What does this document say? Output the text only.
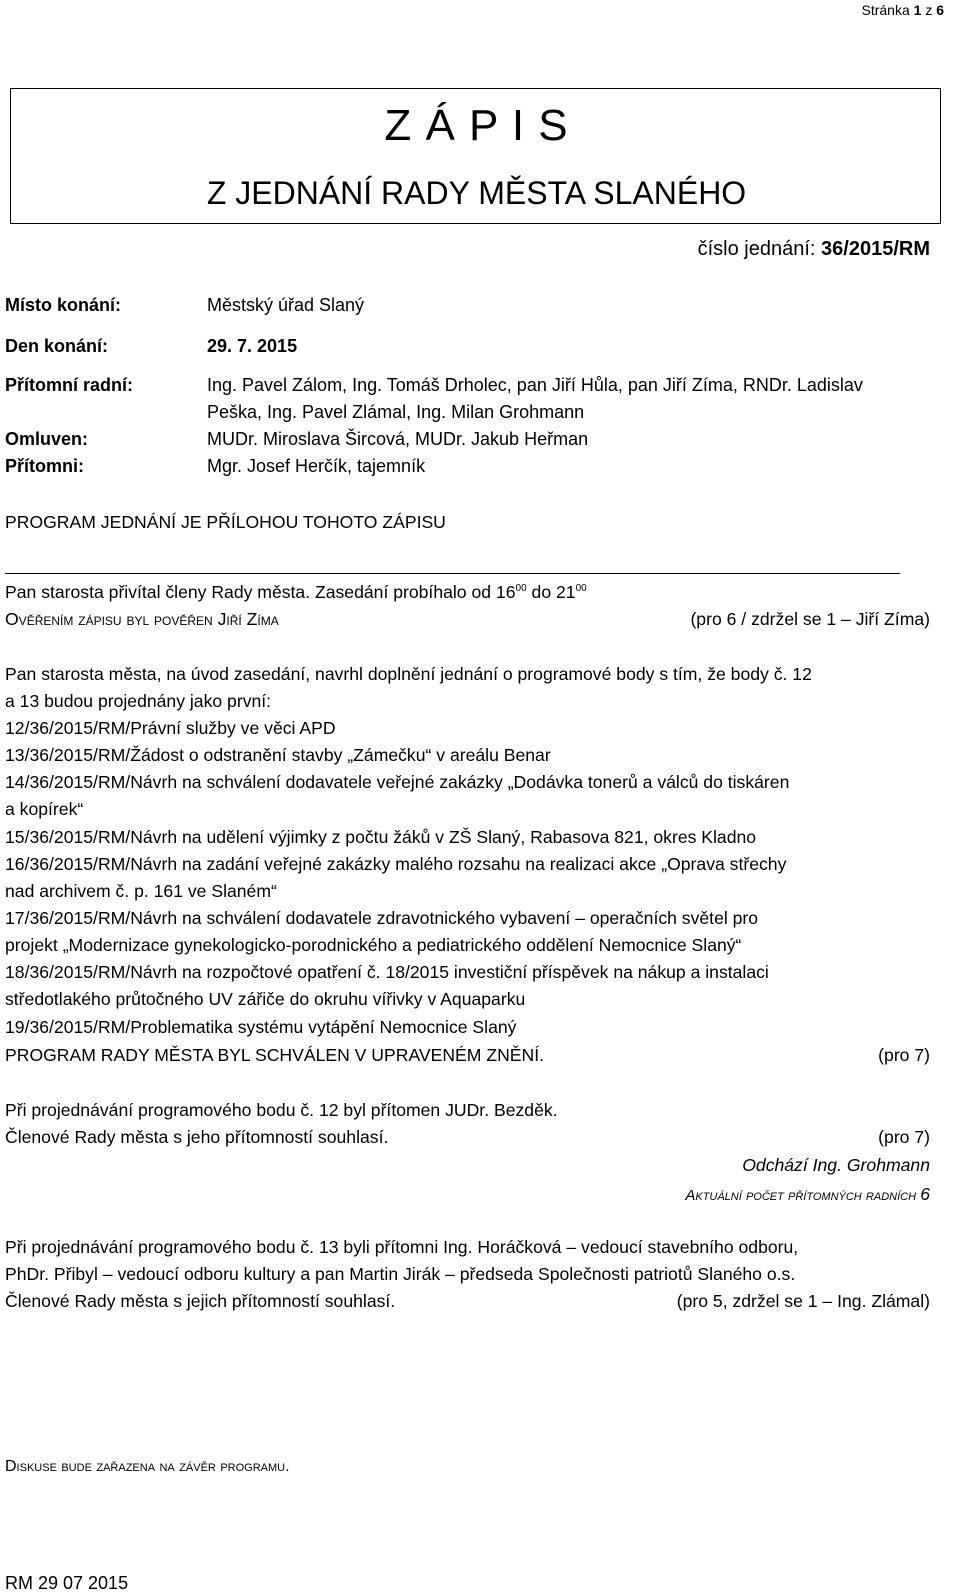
Stránka 1 z 6
Z Á P I S
Z JEDNÁNÍ RADY MĚSTA SLANÉHO
číslo jednání: 36/2015/RM
Místo konání:	Městský úřad Slaný
Den konání:	29. 7. 2015
Přítomní radní:	Ing. Pavel Zálom, Ing. Tomáš Drholec, pan Jiří Hůla, pan Jiří Zíma, RNDr. Ladislav
Peška, Ing. Pavel Zlámal, Ing. Milan Grohmann
Omluven:	MUDr. Miroslava Šircová, MUDr. Jakub Heřman
Přítomni:	Mgr. Josef Herčík, tajemník
PROGRAM JEDNÁNÍ JE PŘÍLOHOU TOHOTO ZÁPISU
Pan starosta přivítal členy Rady města. Zasedání probíhalo od $16^{00}$ do $21^{00}$
Ověřením zápisu byl pověřen Jiří Zíma	(pro 6 / zdržel se 1 – Jiří Zíma)
Pan starosta města, na úvod zasedání, navrhl doplnění jednání o programové body s tím, že body č. 12
a 13 budou projednány jako první:
12/36/2015/RM/Právní služby ve věci APD
13/36/2015/RM/Žádost o odstranění stavby „Zámečku“ v areálu Benar
14/36/2015/RM/Návrh na schválení dodavatele veřejné zakázky „Dodávka tonerů a válců do tiskáren
a kopírek“
15/36/2015/RM/Návrh na udělení výjimky z počtu žáků v ZŠ Slaný, Rabasova 821, okres Kladno
16/36/2015/RM/Návrh na zadání veřejné zakázky malého rozsahu na realizaci akce „Oprava střechy
nad archivem č. p. 161 ve Slaném“
17/36/2015/RM/Návrh na schválení dodavatele zdravotnického vybavení – operačních světel pro
projekt „Modernizace gynekologicko-porodnického a pediatrického oddělení Nemocnice Slaný“
18/36/2015/RM/Návrh na rozpočtové opatření č. 18/2015 investiční příspěvek na nákup a instalaci
středotlakého průtočného UV zářiče do okruhu vířivky v Aquaparku
19/36/2015/RM/Problematika systému vytápění Nemocnice Slaný
PROGRAM RADY MĚSTA BYL SCHVÁLEN V UPRAVENÉM ZNĚNÍ.	(pro 7)
Při projednávání programového bodu č. 12 byl přítomen JUDr. Bezděk.
Členové Rady města s jeho přítomností souhlasí.	(pro 7)
Odchází Ing. Grohmann
Aktuální počet přítomných radních 6
Při projednávání programového bodu č. 13 byli přítomni Ing. Horáčková – vedoucí stavebního odboru,
PhDr. Přibyl – vedoucí odboru kultury a pan Martin Jirák – předseda Společnosti patriotů Slaného o.s.
Členové Rady města s jejich přítomností souhlasí.	(pro 5, zdržel se 1 – Ing. Zlámal)
Diskuse bude zařazena na závěr programu.
RM 29 07 2015
